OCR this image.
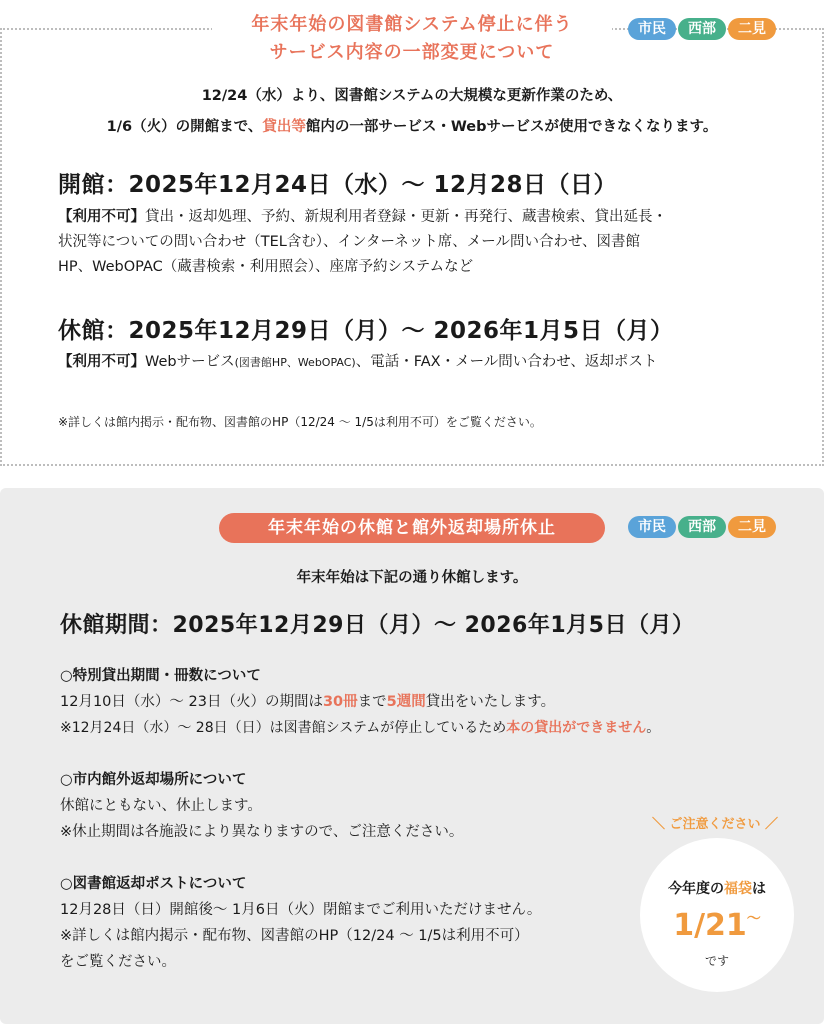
年末年始の図書館システム停止に伴う
サービス内容の一部変更について
市民	西部	二見
12/24（水）より、図書館システムの大規模な更新作業のため、
1/6（火）の開館まで、貸出等館内の一部サービス・Webサービスが使用できなくなります。
開館：2025年12月24日（水）～ 12月28日（日）
【利用不可】貸出・返却処理、予約、新規利用者登録・更新・再発行、蔵書検索、貸出延長・
状況等についての問い合わせ（TEL含む）、インターネット席、メール問い合わせ、図書館
HP、WebOPAC（蔵書検索・利用照会）、座席予約システムなど
休館：2025年12月29日（月）～ 2026年1月5日（月）
【利用不可】Webサービス(図書館HP、WebOPAC)、電話・FAX・メール問い合わせ、返却ポスト
※詳しくは館内掲示・配布物、図書館のHP（12/24 ～ 1/5は利用不可）をご覧ください。
年末年始の休館と館外返却場所休止	市民	西部	二見
年末年始は下記の通り休館します。
休館期間：2025年12月29日（月）～ 2026年1月5日（月）
○特別貸出期間・冊数について
12月10日（水）～ 23日（火）の期間は30冊まで5週間貸出をいたします。
※12月24日（水）～ 28日（日）は図書館システムが停止しているため本の貸出ができません。
○市内館外返却場所について
休館にともない、休止します。
※休止期間は各施設により異なりますので、ご注意ください。
○図書館返却ポストについて
12月28日（日）開館後～ 1月6日（火）閉館までご利用いただけません。
※詳しくは館内掲示・配布物、図書館のHP（12/24 ～ 1/5は利用不可）
をご覧ください。
＼ ご注意ください ／
今年度の福袋は
1/21～
です
